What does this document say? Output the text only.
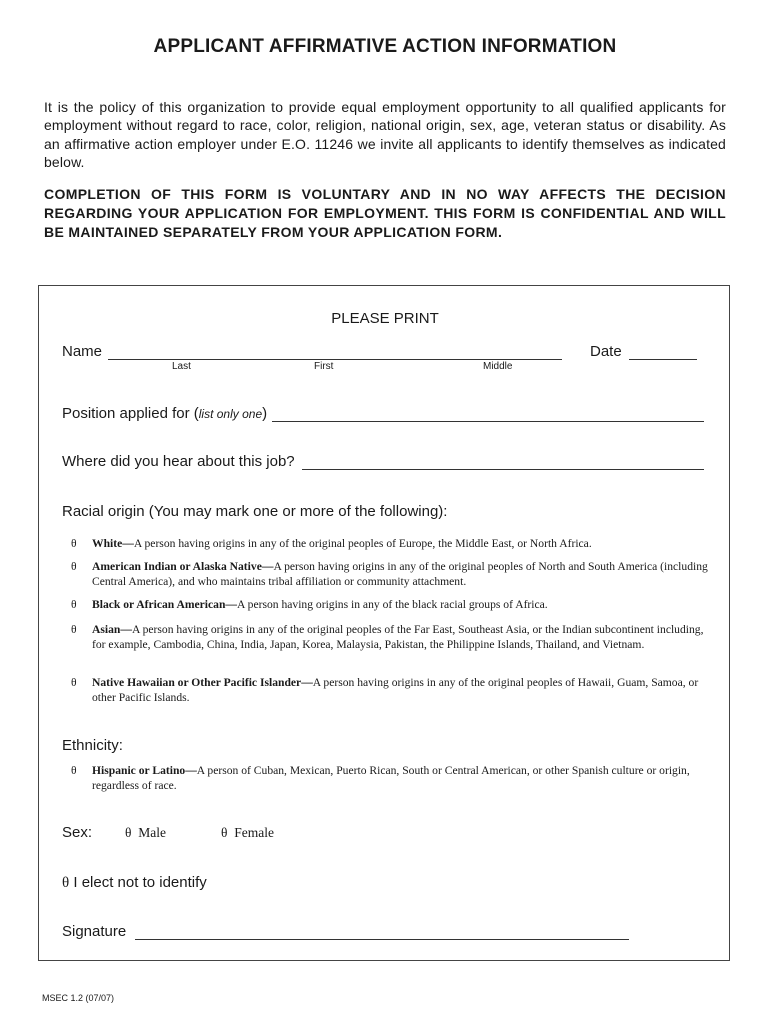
APPLICANT AFFIRMATIVE ACTION INFORMATION
It is the policy of this organization to provide equal employment opportunity to all qualified applicants for employment without regard to race, color, religion, national origin, sex, age, veteran status or disability. As an affirmative action employer under E.O. 11246 we invite all applicants to identify themselves as indicated below.
COMPLETION OF THIS FORM IS VOLUNTARY AND IN NO WAY AFFECTS THE DECISION REGARDING YOUR APPLICATION FOR EMPLOYMENT. THIS FORM IS CONFIDENTIAL AND WILL BE MAINTAINED SEPARATELY FROM YOUR APPLICATION FORM.
PLEASE PRINT
Name
Last	First	Middle
Date
Position applied for (list only one)
Where did you hear about this job?
Racial origin (You may mark one or more of the following):
θ White—A person having origins in any of the original peoples of Europe, the Middle East, or North Africa.
θ American Indian or Alaska Native—A person having origins in any of the original peoples of North and South America (including Central America), and who maintains tribal affiliation or community attachment.
θ Black or African American—A person having origins in any of the black racial groups of Africa.
θ Asian—A person having origins in any of the original peoples of the Far East, Southeast Asia, or the Indian subcontinent including, for example, Cambodia, China, India, Japan, Korea, Malaysia, Pakistan, the Philippine Islands, Thailand, and Vietnam.
θ Native Hawaiian or Other Pacific Islander—A person having origins in any of the original peoples of Hawaii, Guam, Samoa, or other Pacific Islands.
Ethnicity:
θ Hispanic or Latino—A person of Cuban, Mexican, Puerto Rican, South or Central American, or other Spanish culture or origin, regardless of race.
Sex: θ Male	θ Female
θ I elect not to identify
Signature
MSEC 1.2 (07/07)
